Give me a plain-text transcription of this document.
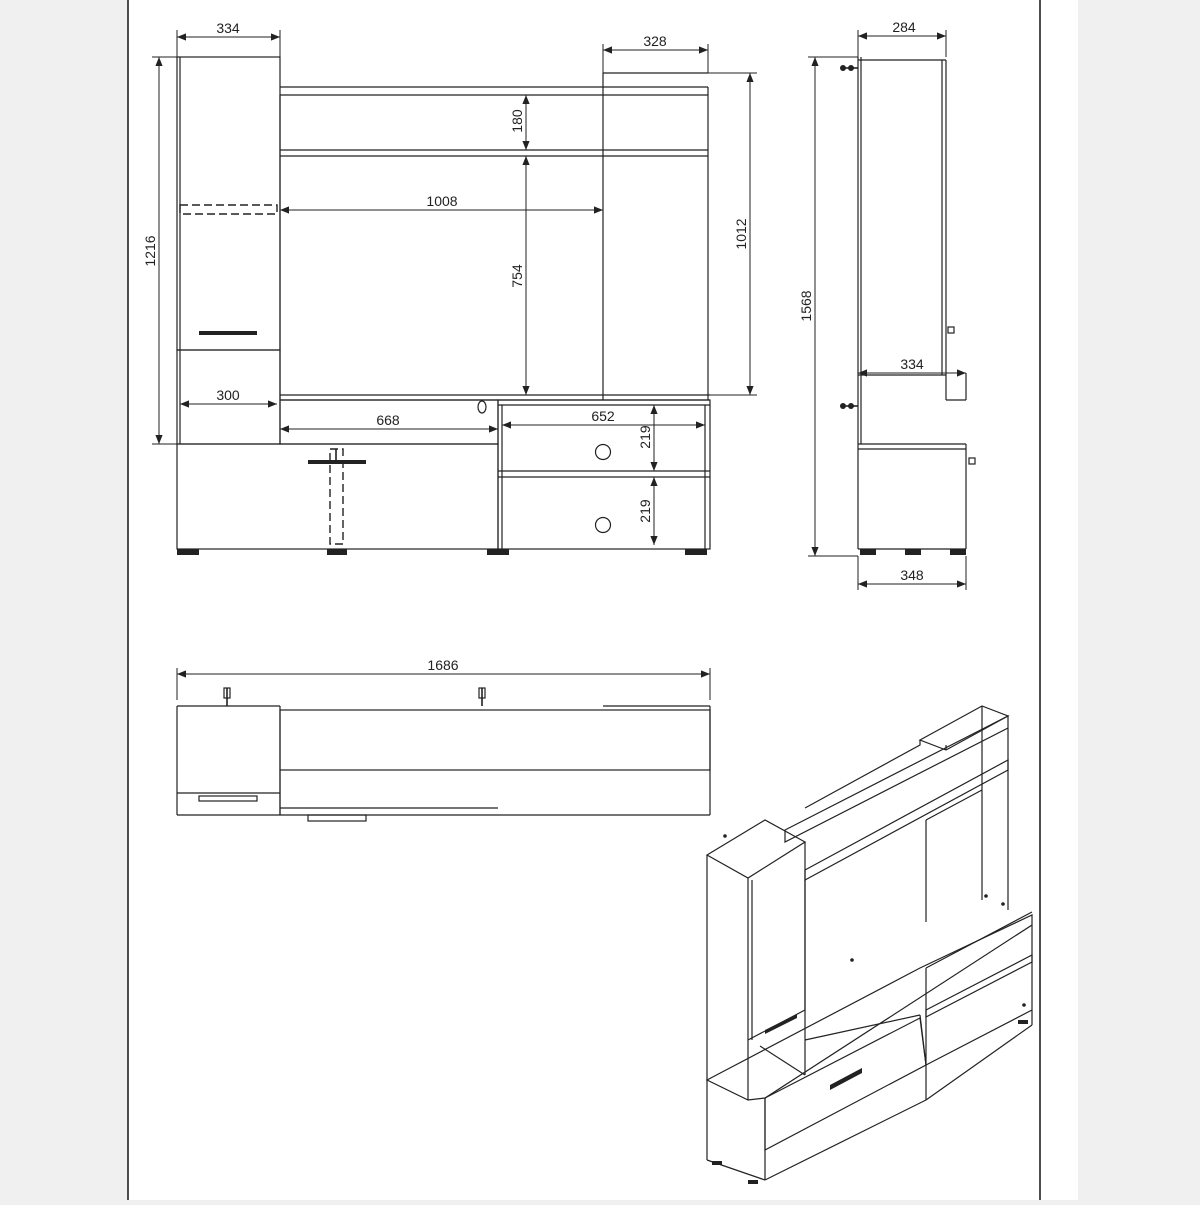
334
328
1216
180
1008
754
1012
300
668	652
219
219
284
1568
334
348
1686
